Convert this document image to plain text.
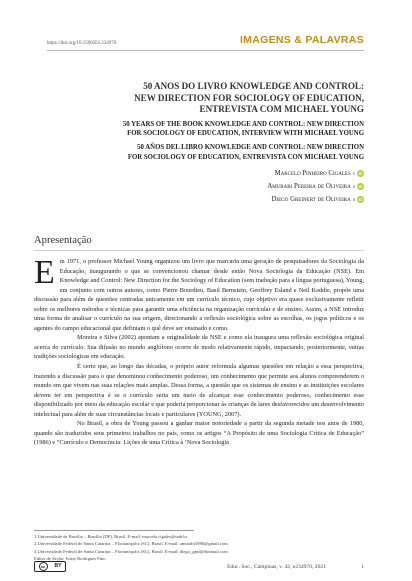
https://doi.org/10.1590/ES.234970	IMAGENS & PALAVRAS
50 ANOS DO LIVRO KNOWLEDGE AND CONTROL:
NEW DIRECTION FOR SOCIOLOGY OF EDUCATION,
ENTREVISTA COM MICHAEL YOUNG
50 YEARS OF THE BOOK KNOWLEDGE AND CONTROL: NEW DIRECTION
FOR SOCIOLOGY OF EDUCATION, INTERVIEW WITH MICHAEL YOUNG
50 AÑOS DEL LIBRO KNOWLEDGE AND CONTROL: NEW DIRECTION
FOR SOCIOLOGY OF EDUCATION, ENTREVISTA CON MICHAEL YOUNG
Marcelo Pinheiro Cigales 1 iD
Amurabi Pereira de Oliveira 2 iD
Diego Greinert de Oliveira 3 iD
Apresentação
E m 1971, o professor Michael Young organizou um livro que marcaria uma geração de pesquisadores da Sociologia da Educação, inaugurando o que se convencionou chamar desde então Nova Sociologia da Educação (NSE). Em Knowledge and Control: New Direction for the Sociology of Education (sem tradução para a língua portuguesa), Young, em conjunto com outros autores, como Pierre Bourdieu, Basil Bernstein, Geoffrey Esland e Neil Keddie, propõe uma discussão para além de questões centradas unicamente em um currículo técnico, cujo objetivo era quase exclusivamente refletir sobre os melhores métodos e técnicas para garantir uma eficiência na organização curricular e de ensino. Assim, a NSE introduz uma forma de analisar o currículo na sua origem, direcionando a reflexão sociológica sobre as escolhas, os jogos políticos e os agentes do campo educacional que definiam o quê deve ser ensinado e como.

Moreira e Silva (2002) apontam a originalidade da NSE e como ela inaugura uma reflexão sociológica original acerca do currículo. Sua difusão no mundo anglófono ocorre de modo relativamente rápido, impactando, posteriormente, outras tradições sociológicas em educação.

É certo que, ao longo das décadas, o próprio autor reformula algumas questões em relação a essa perspectiva, trazendo a discussão para o que denominou conhecimento poderoso, um conhecimento que permite aos alunos compreenderem o mundo em que vivem nas suas relações mais amplas. Dessa forma, a questão que os sistemas de ensino e as instituições escolares devem ter em perspectiva é se o currículo seria um meio de alcançar esse conhecimento poderoso, conhecimento esse disponibilizado por meio da educação escolar e que poderia proporcionar às crianças de lares desfavorecidos um desenvolvimento intelectual para além de suas circunstâncias locais e particulares (YOUNG, 2007).

No Brasil, a obra de Young passou a ganhar maior notoriedade a partir da segunda metade nos anos de 1980, quando são traduzidos seus primeiros trabalhos no país, como os artigos “A Propósito de uma Sociologia Crítica de Educação” (1986) e “Currículo e Democracia: Lições de uma Crítica à ‘Nova Sociologia

1.Universidade de Brasília – Brasília (DF), Brasil. E-mail: marcelo.cigales@unb.br
2.Universidade Federal de Santa Catarina – Florianópolis (SC), Brasil. E-mail: amurabi1986@gmail.com
3.Universidade Federal de Santa Catarina – Florianópolis (SC), Brasil. E-mail: diego_gmd@hotmail.com
Editor de Seção: Ivany Rodrigues Pino
cc	BY	Educ. Soc., Campinas, v. 42, e234970, 2021	1
